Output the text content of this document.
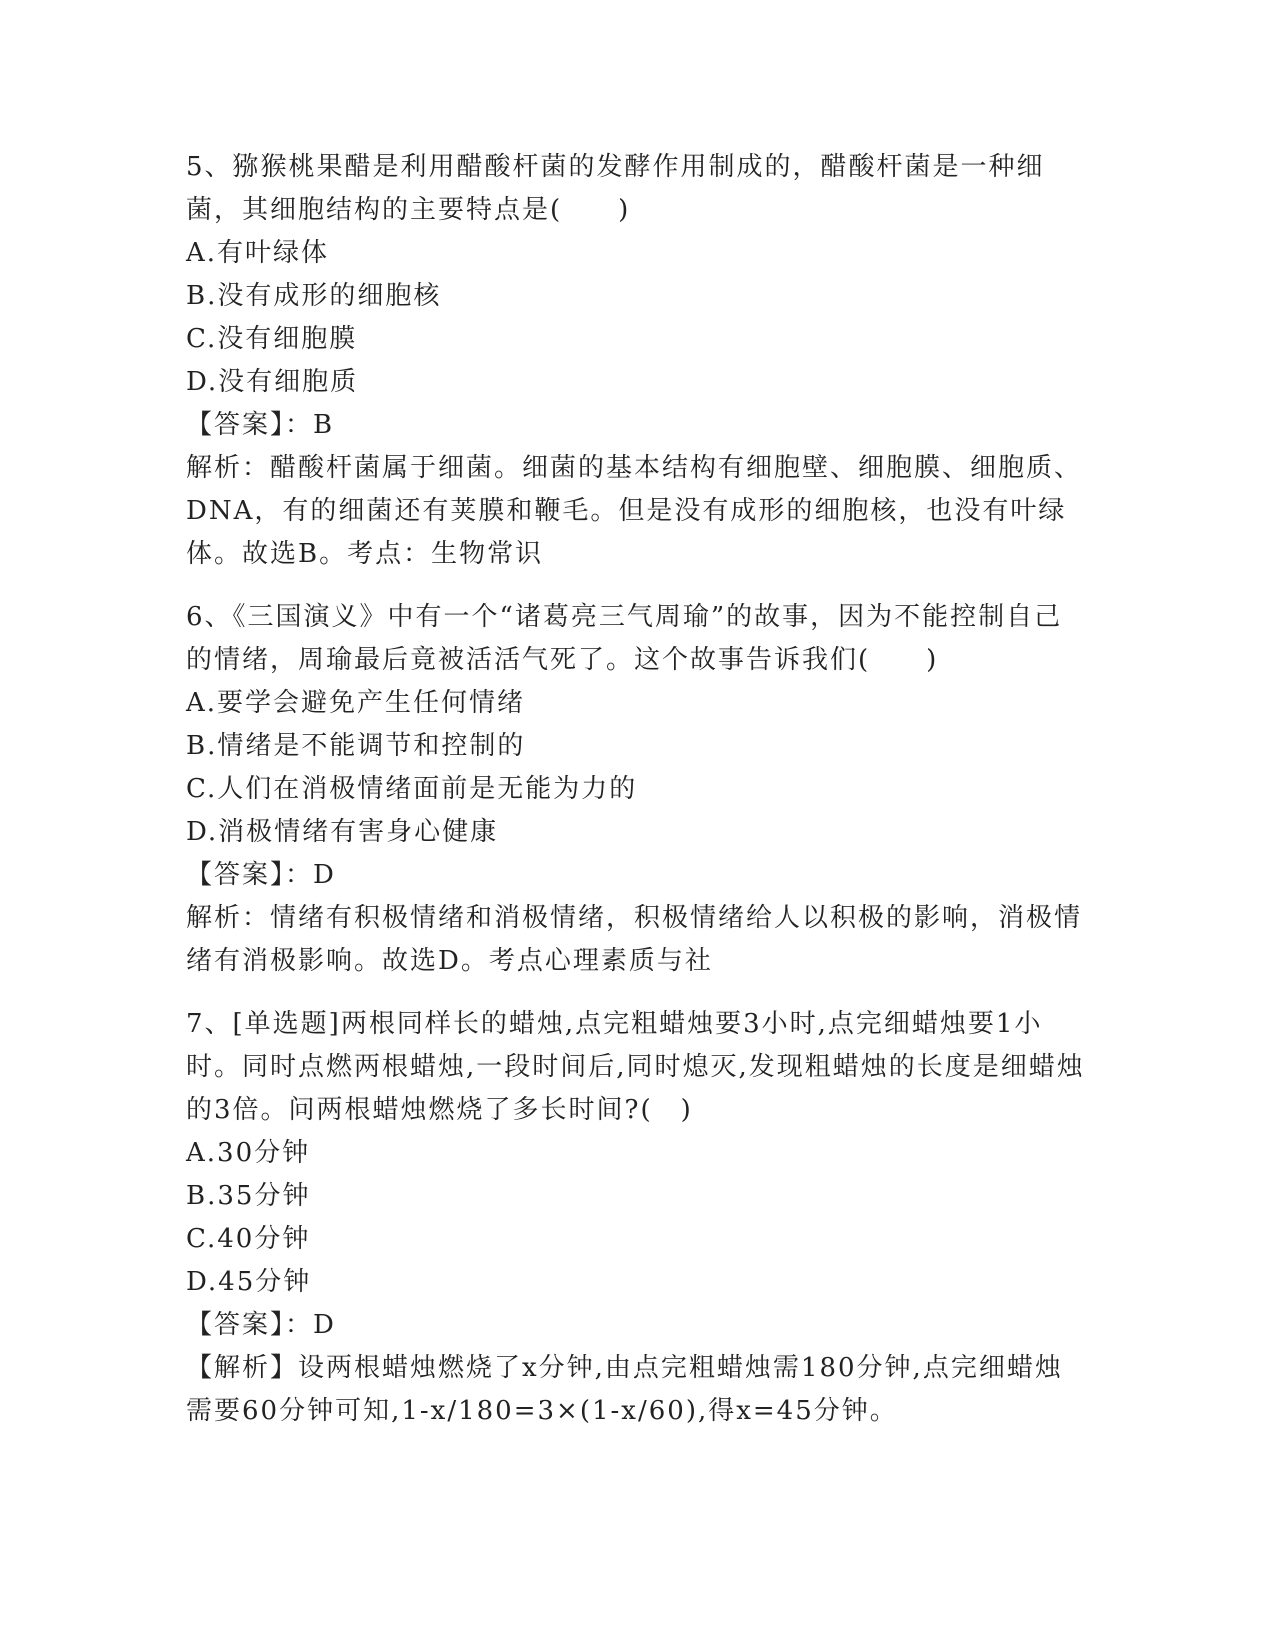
5、猕猴桃果醋是利用醋酸杆菌的发酵作用制成的，醋酸杆菌是一种细菌，其细胞结构的主要特点是(　　)
A.有叶绿体
B.没有成形的细胞核
C.没有细胞膜
D.没有细胞质
【答案】：B
解析：醋酸杆菌属于细菌。细菌的基本结构有细胞壁、细胞膜、细胞质、DNA，有的细菌还有荚膜和鞭毛。但是没有成形的细胞核，也没有叶绿体。故选B。考点：生物常识
6、《三国演义》中有一个“诸葛亮三气周瑜”的故事，因为不能控制自己的情绪，周瑜最后竟被活活气死了。这个故事告诉我们(　　)
A.要学会避免产生任何情绪
B.情绪是不能调节和控制的
C.人们在消极情绪面前是无能为力的
D.消极情绪有害身心健康
【答案】：D
解析：情绪有积极情绪和消极情绪，积极情绪给人以积极的影响，消极情绪有消极影响。故选D。考点心理素质与社
7、[单选题]两根同样长的蜡烛,点完粗蜡烛要3小时,点完细蜡烛要1小时。同时点燃两根蜡烛,一段时间后,同时熄灭,发现粗蜡烛的长度是细蜡烛的3倍。问两根蜡烛燃烧了多长时间?(　)
A.30分钟
B.35分钟
C.40分钟
D.45分钟
【答案】：D
【解析】设两根蜡烛燃烧了x分钟,由点完粗蜡烛需180分钟,点完细蜡烛需要60分钟可知,1-x/180=3×(1-x/60),得x=45分钟。
